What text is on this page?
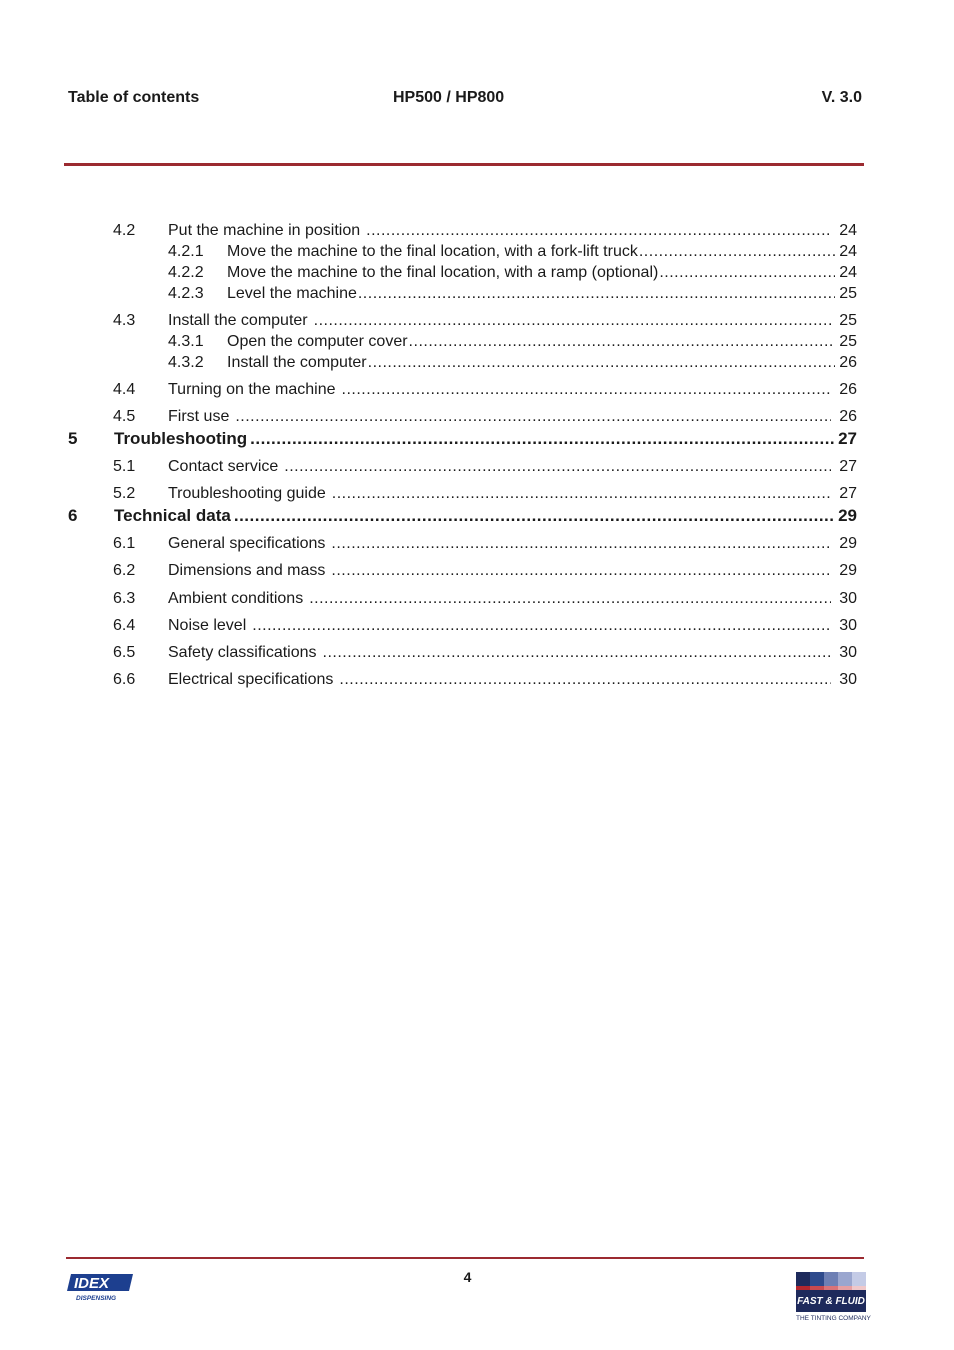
Table of contents	HP500 / HP800	V. 3.0
4.2	Put the machine in position .....	24
4.2.1	Move the machine to the final location, with a fork-lift truck .....	24
4.2.2	Move the machine to the final location, with a ramp (optional) .....	24
4.2.3	Level the machine .....	25
4.3	Install the computer .....	25
4.3.1	Open the computer cover .....	25
4.3.2	Install the computer .....	26
4.4	Turning on the machine .....	26
4.5	First use .....	26
5	Troubleshooting .....	27
5.1	Contact service .....	27
5.2	Troubleshooting guide .....	27
6	Technical data .....	29
6.1	General specifications .....	29
6.2	Dimensions and mass .....	29
6.3	Ambient conditions .....	30
6.4	Noise level .....	30
6.5	Safety classifications .....	30
6.6	Electrical specifications .....	30
4
IDEX
DISPENSING	FAST & FLUID
THE TINTING COMPANY
